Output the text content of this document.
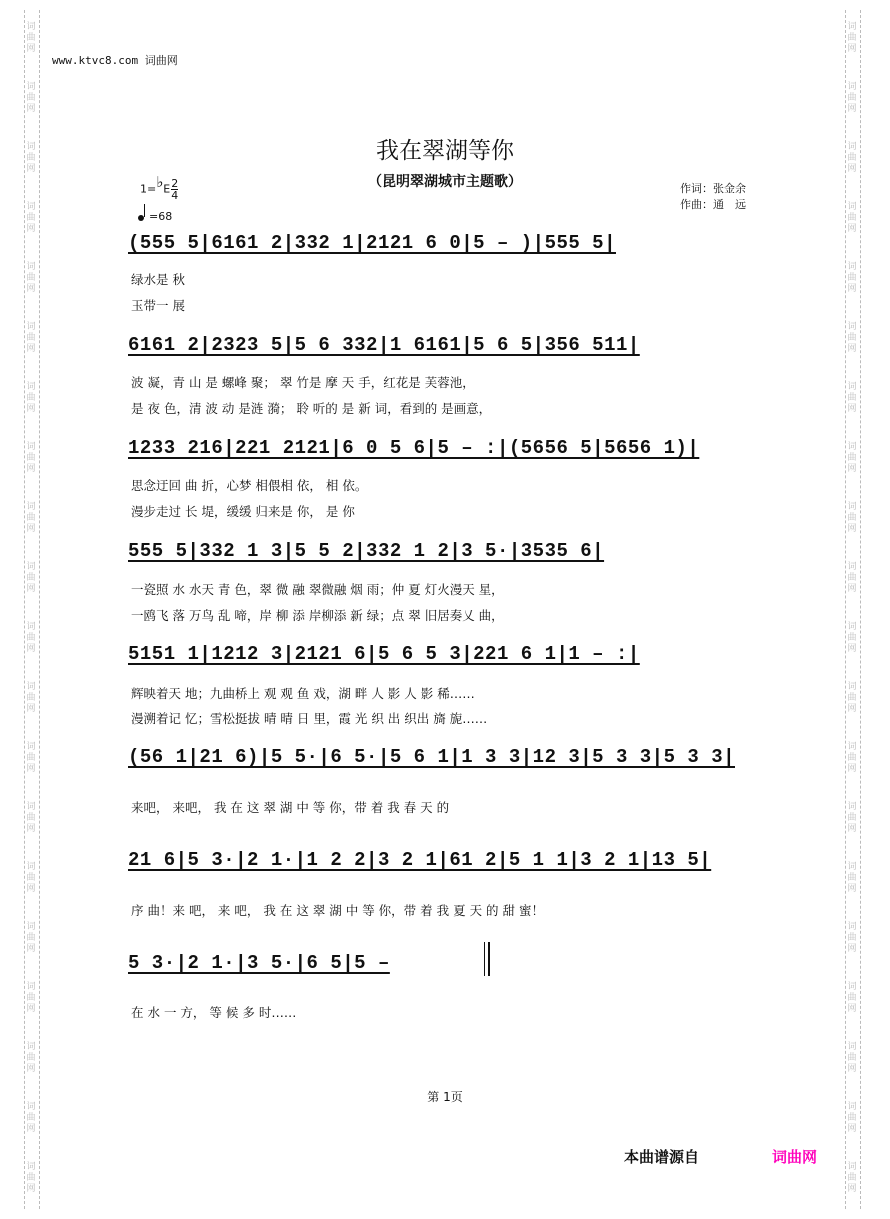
词
曲
网
词
曲
网
词
曲
网
词
曲
网
词
曲
网
词
曲
网
词
曲
网
词
曲
网
词
曲
网
词
曲
网
词
曲
网
词
曲
网
词
曲
网
词
曲
网
词
曲
网
词
曲
网
词
曲
网
词
曲
网
词
曲
网
词
曲
网
词
曲
网
词
曲
网
词
曲
网
词
曲
网
词
曲
网
词
曲
网
词
曲
网
词
曲
网
词
曲
网
词
曲
网
词
曲
网
词
曲
网
词
曲
网
词
曲
网
词
曲
网
词
曲
网
词
曲
网
词
曲
网
词
曲
网
词
曲
网
www.ktvc8.com 词曲网
我在翠湖等你
（昆明翠湖城市主题歌）	作词：张金余
作曲：通　远
1=♭E $\frac{2}{4}$
=68
(555 5|6161 2|332 1|2121 6 0|5 – )|555 5|
绿水是 秋
玉带一 展
6161 2|2323 5|5 6 332|1 6161|5 6 5|356 511|
波 凝，青 山 是 螺峰 聚； 翠 竹是 摩 天 手，红花是 芙蓉池，
是 夜 色，清 波 动 是涟 漪； 聆 听的 是 新 词，看到的 是画意，
1233 216|221 2121|6 0 5 6|5 – :|(5656 5|5656 1)|
思念迂回 曲 折，心梦 相偎相 依， 相 依。
漫步走过 长 堤，缓缓 归来是 你， 是 你
555 5|332 1 3|5 5 2|332 1 2|3 5·|3535 6|
一瓷照 水 水天 青 色，翠 微 融 翠微融 烟 雨；仲 夏 灯火漫天 星，
一鸥飞 落 万鸟 乱 啼，岸 柳 添 岸柳添 新 绿；点 翠 旧居奏乂 曲，
5151 1|1212 3|2121 6|5 6 5 3|221 6 1|1 – :|
辉映着天 地；九曲桥上 观 观 鱼 戏，湖 畔 人 影 人 影 稀……
漫溯着记 忆；雪松挺拔 晴 晴 日 里，霞 光 织 出 织出 旖 旎……
(56 1|21 6)|5 5·|6 5·|5 6 1|1 3 3|12 3|5 3 3|5 3 3|
来吧， 来吧， 我 在 这 翠 湖 中 等 你，带 着 我 春 天 的
21 6|5 3·|2 1·|1 2 2|3 2 1|61 2|5 1 1|3 2 1|13 5|
序 曲！来 吧， 来 吧， 我 在 这 翠 湖 中 等 你，带 着 我 夏 天 的 甜 蜜！
5 3·|2 1·|3 5·|6 5|5 –
在 水 一 方， 等 候 多 时……
第 1页
本曲谱源自	词曲网
